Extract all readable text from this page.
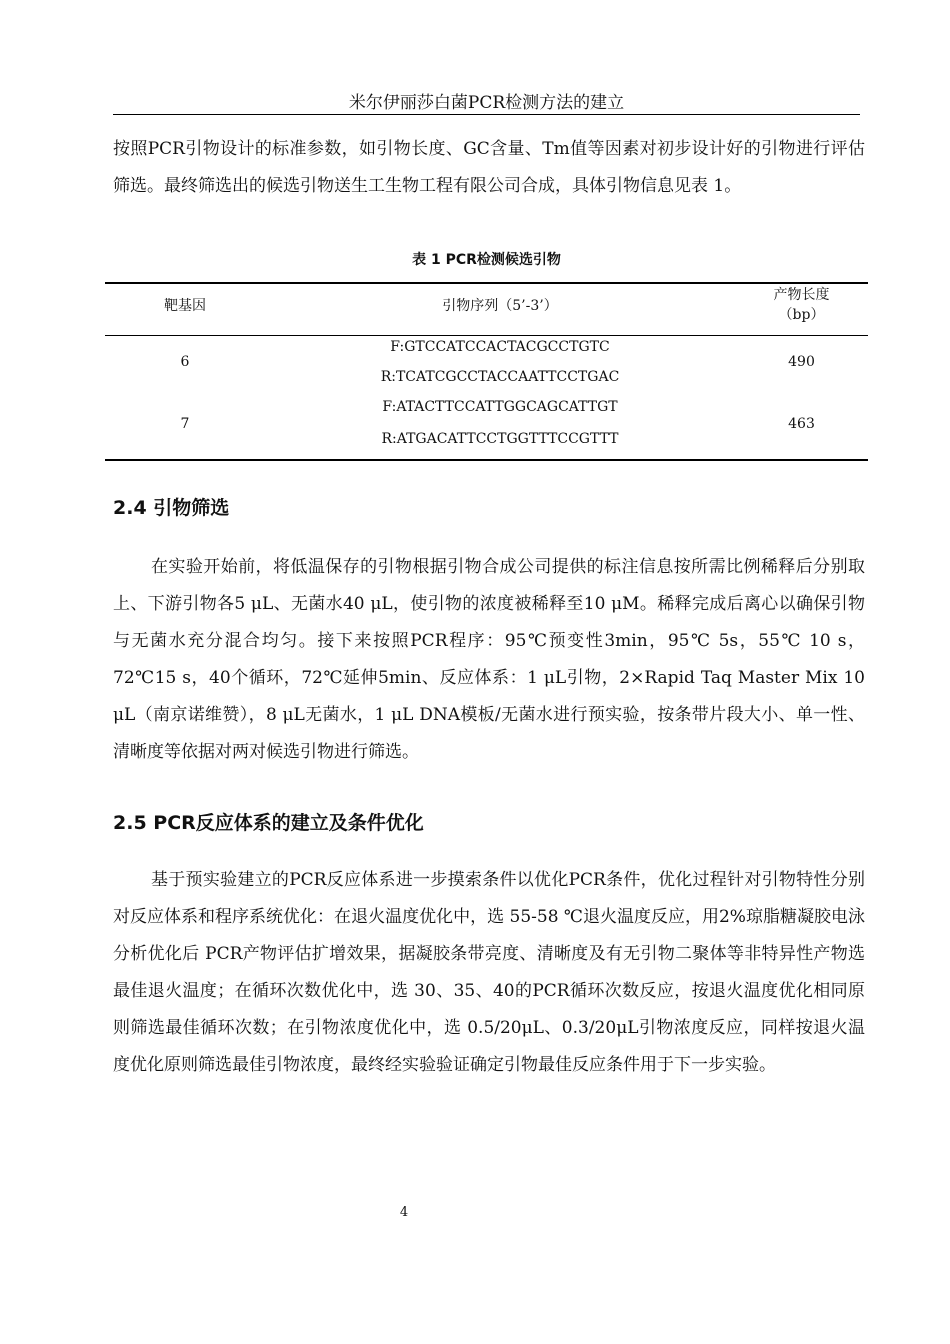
米尔伊丽莎白菌PCR检测方法的建立

按照PCR引物设计的标准参数，如引物长度、GC含量、Tm值等因素对初步设计好的引物进行评估筛选。最终筛选出的候选引物送生工生物工程有限公司合成，具体引物信息见表 1。

表 1 PCR检测候选引物
靶基因	引物序列（5’-3’）
产物长度
（bp）
6
F:GTCCATCCACTACGCCTGTC
R:TCATCGCCTACCAATTCCTGAC
490
7
F:ATACTTCCATTGGCAGCATTGT
R:ATGACATTCCTGGTTTCCGTTT
463
2.4 引物筛选

在实验开始前，将低温保存的引物根据引物合成公司提供的标注信息按所需比例稀释后分别取上、下游引物各5 μL、无菌水40 μL，使引物的浓度被稀释至10 μM。稀释完成后离心以确保引物与无菌水充分混合均匀。接下来按照PCR程序：95℃预变性3min，95℃ 5s，55℃ 10 s，72℃15 s，40个循环，72℃延伸5min、反应体系：1 μL引物，2×Rapid Taq Master Mix 10 μL（南京诺维赞），8 μL无菌水，1 μL DNA模板/无菌水进行预实验，按条带片段大小、单一性、清晰度等依据对两对候选引物进行筛选。

2.5 PCR反应体系的建立及条件优化

基于预实验建立的PCR反应体系进一步摸索条件以优化PCR条件，优化过程针对引物特性分别对反应体系和程序系统优化：在退火温度优化中，选 55-58 ℃退火温度反应，用2%琼脂糖凝胶电泳分析优化后 PCR产物评估扩增效果，据凝胶条带亮度、清晰度及有无引物二聚体等非特异性产物选最佳退火温度；在循环次数优化中，选 30、35、40的PCR循环次数反应，按退火温度优化相同原则筛选最佳循环次数；在引物浓度优化中，选 0.5/20μL、0.3/20μL引物浓度反应，同样按退火温度优化原则筛选最佳引物浓度，最终经实验验证确定引物最佳反应条件用于下一步实验。

4
